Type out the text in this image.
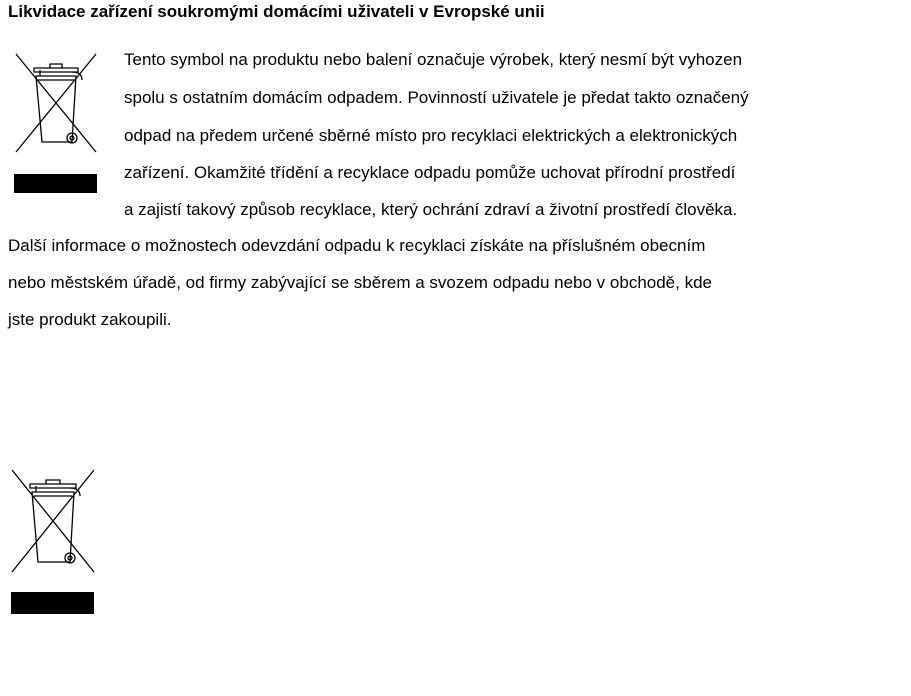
Likvidace zařízení soukromými domácími uživateli v Evropské unii
Tento symbol na produktu nebo balení označuje výrobek, který nesmí být vyhozen
spolu s ostatním domácím odpadem. Povinností uživatele je předat takto označený
odpad na předem určené sběrné místo pro recyklaci elektrických a elektronických
zařízení. Okamžité třídění a recyklace odpadu pomůže uchovat přírodní prostředí
a zajistí takový způsob recyklace, který ochrání zdraví a životní prostředí člověka.
Další informace o možnostech odevzdání odpadu k recyklaci získáte na příslušném obecním
nebo městském úřadě, od firmy zabývající se sběrem a svozem odpadu nebo v obchodě, kde
jste produkt zakoupili.
